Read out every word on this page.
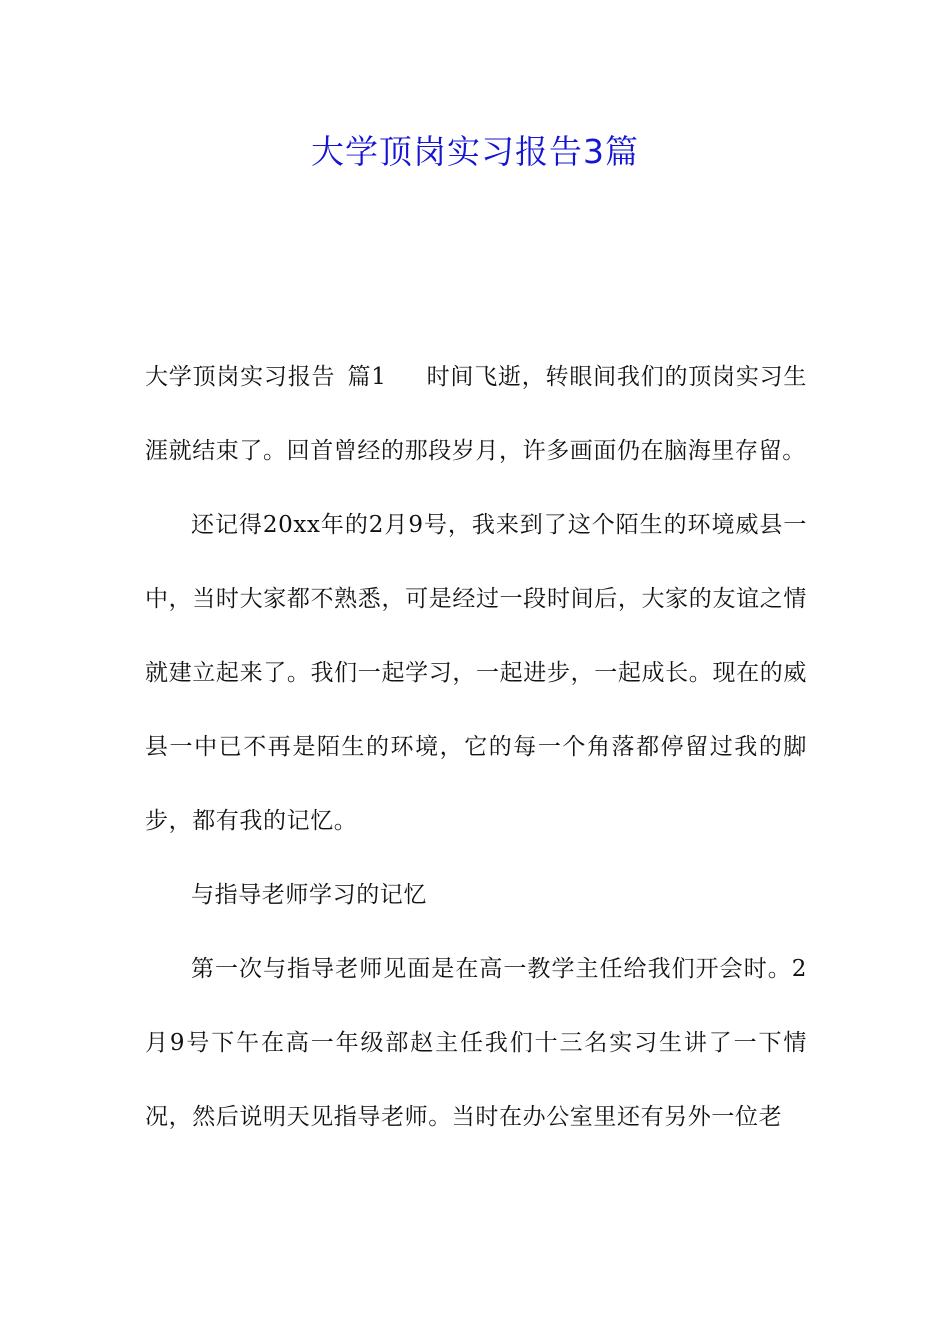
大学顶岗实习报告3篇

大学顶岗实习报告 篇1 时间飞逝，转眼间我们的顶岗实习生涯就结束了。回首曾经的那段岁月，许多画面仍在脑海里存留。

还记得20xx年的2月9号，我来到了这个陌生的环境威县一中，当时大家都不熟悉，可是经过一段时间后，大家的友谊之情就建立起来了。我们一起学习，一起进步，一起成长。现在的威县一中已不再是陌生的环境，它的每一个角落都停留过我的脚步，都有我的记忆。

与指导老师学习的记忆

第一次与指导老师见面是在高一教学主任给我们开会时。2月9号下午在高一年级部赵主任我们十三名实习生讲了一下情况，然后说明天见指导老师。当时在办公室里还有另外一位老
